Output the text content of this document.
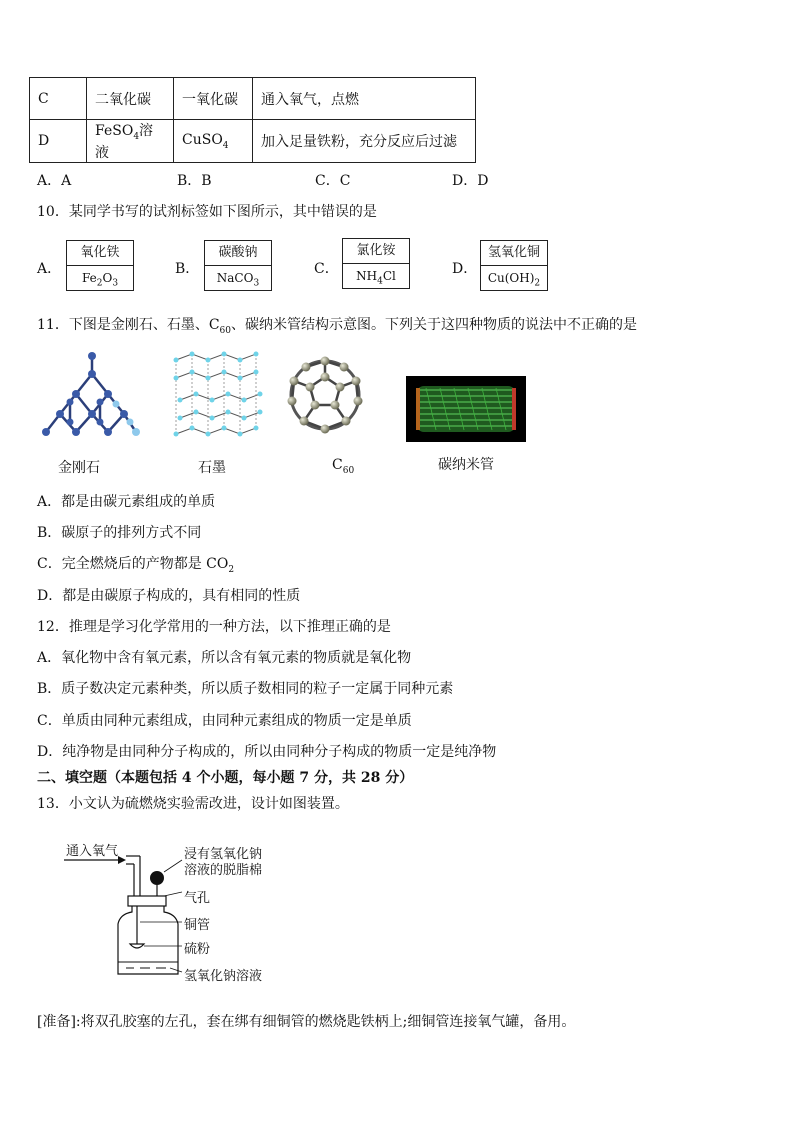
C	二氧化碳	一氧化碳	通入氧气，点燃
D	FeSO$_4$溶液	CuSO$_4$	加入足量铁粉，充分反应后过滤
A．A	B．B	C．C	D．D
10．某同学书写的试剂标签如下图所示，其中错误的是
A．
氧化铁
$Fe_2O_3$
B．
碳酸钠
NaCO$_3$
C．
氯化铵
$NH_4Cl$	D．
氢氧化铜
$Cu(OH)_2$
11．下图是金刚石、石墨、$C_{60}$、碳纳米管结构示意图。下列关于这四种物质的说法中不正确的是
金刚石	石墨	$C_{60}$	碳纳米管
A．都是由碳元素组成的单质
B．碳原子的排列方式不同
C．完全燃烧后的产物都是 $CO_2$
D．都是由碳原子构成的，具有相同的性质
12．推理是学习化学常用的一种方法，以下推理正确的是
A．氧化物中含有氧元素，所以含有氧元素的物质就是氧化物
B．质子数决定元素种类，所以质子数相同的粒子一定属于同种元素
C．单质由同种元素组成，由同种元素组成的物质一定是单质
D．纯净物是由同种分子构成的，所以由同种分子构成的物质一定是纯净物
二、填空题（本题包括 4 个小题，每小题 7 分，共 28 分）
13．小文认为硫燃烧实验需改进，设计如图装置。
通入氧气	浸有氢氧化钠
溶液的脱脂棉
气孔
铜管
硫粉
氢氧化钠溶液
[准备]:将双孔胶塞的左孔，套在绑有细铜管的燃烧匙铁柄上;细铜管连接氧气罐，备用。
